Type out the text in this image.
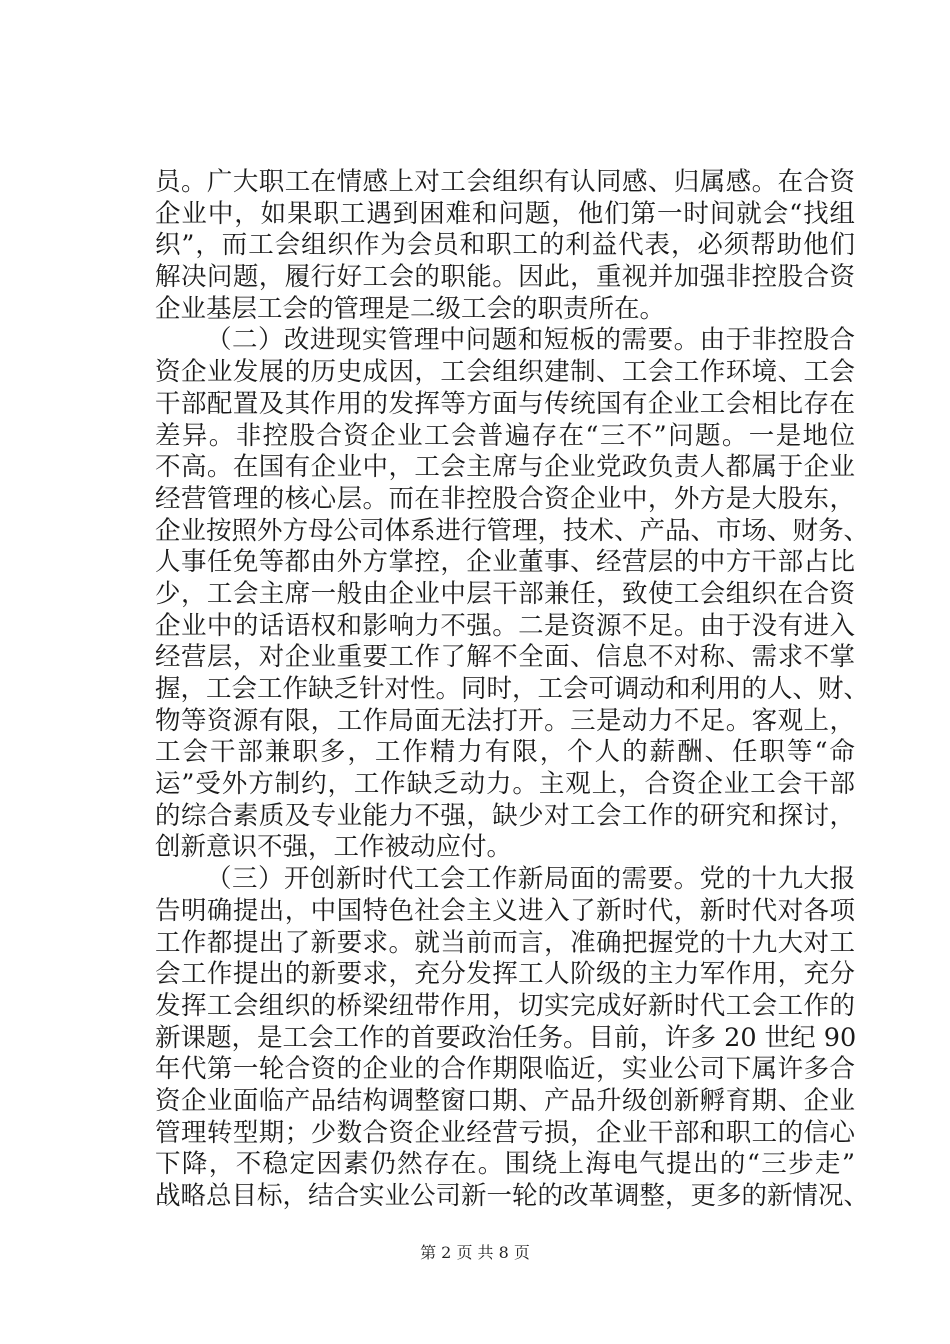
员。广大职工在情感上对工会组织有认同感、归属感。在合资
企业中，如果职工遇到困难和问题，他们第一时间就会“找组
织”，而工会组织作为会员和职工的利益代表，必须帮助他们
解决问题，履行好工会的职能。因此，重视并加强非控股合资
企业基层工会的管理是二级工会的职责所在。
（二）改进现实管理中问题和短板的需要。由于非控股合
资企业发展的历史成因，工会组织建制、工会工作环境、工会
干部配置及其作用的发挥等方面与传统国有企业工会相比存在
差异。非控股合资企业工会普遍存在“三不”问题。一是地位
不高。在国有企业中，工会主席与企业党政负责人都属于企业
经营管理的核心层。而在非控股合资企业中，外方是大股东，
企业按照外方母公司体系进行管理，技术、产品、市场、财务、
人事任免等都由外方掌控，企业董事、经营层的中方干部占比
少，工会主席一般由企业中层干部兼任，致使工会组织在合资
企业中的话语权和影响力不强。二是资源不足。由于没有进入
经营层，对企业重要工作了解不全面、信息不对称、需求不掌
握，工会工作缺乏针对性。同时，工会可调动和利用的人、财、
物等资源有限，工作局面无法打开。三是动力不足。客观上，
工会干部兼职多，工作精力有限，个人的薪酬、任职等“命
运”受外方制约，工作缺乏动力。主观上，合资企业工会干部
的综合素质及专业能力不强，缺少对工会工作的研究和探讨，
创新意识不强，工作被动应付。
（三）开创新时代工会工作新局面的需要。党的十九大报
告明确提出，中国特色社会主义进入了新时代，新时代对各项
工作都提出了新要求。就当前而言，准确把握党的十九大对工
会工作提出的新要求，充分发挥工人阶级的主力军作用，充分
发挥工会组织的桥梁纽带作用，切实完成好新时代工会工作的
新课题，是工会工作的首要政治任务。目前，许多 20 世纪 90
年代第一轮合资的企业的合作期限临近，实业公司下属许多合
资企业面临产品结构调整窗口期、产品升级创新孵育期、企业
管理转型期；少数合资企业经营亏损，企业干部和职工的信心
下降，不稳定因素仍然存在。围绕上海电气提出的“三步走”
战略总目标，结合实业公司新一轮的改革调整，更多的新情况、
第 2 页 共 8 页
